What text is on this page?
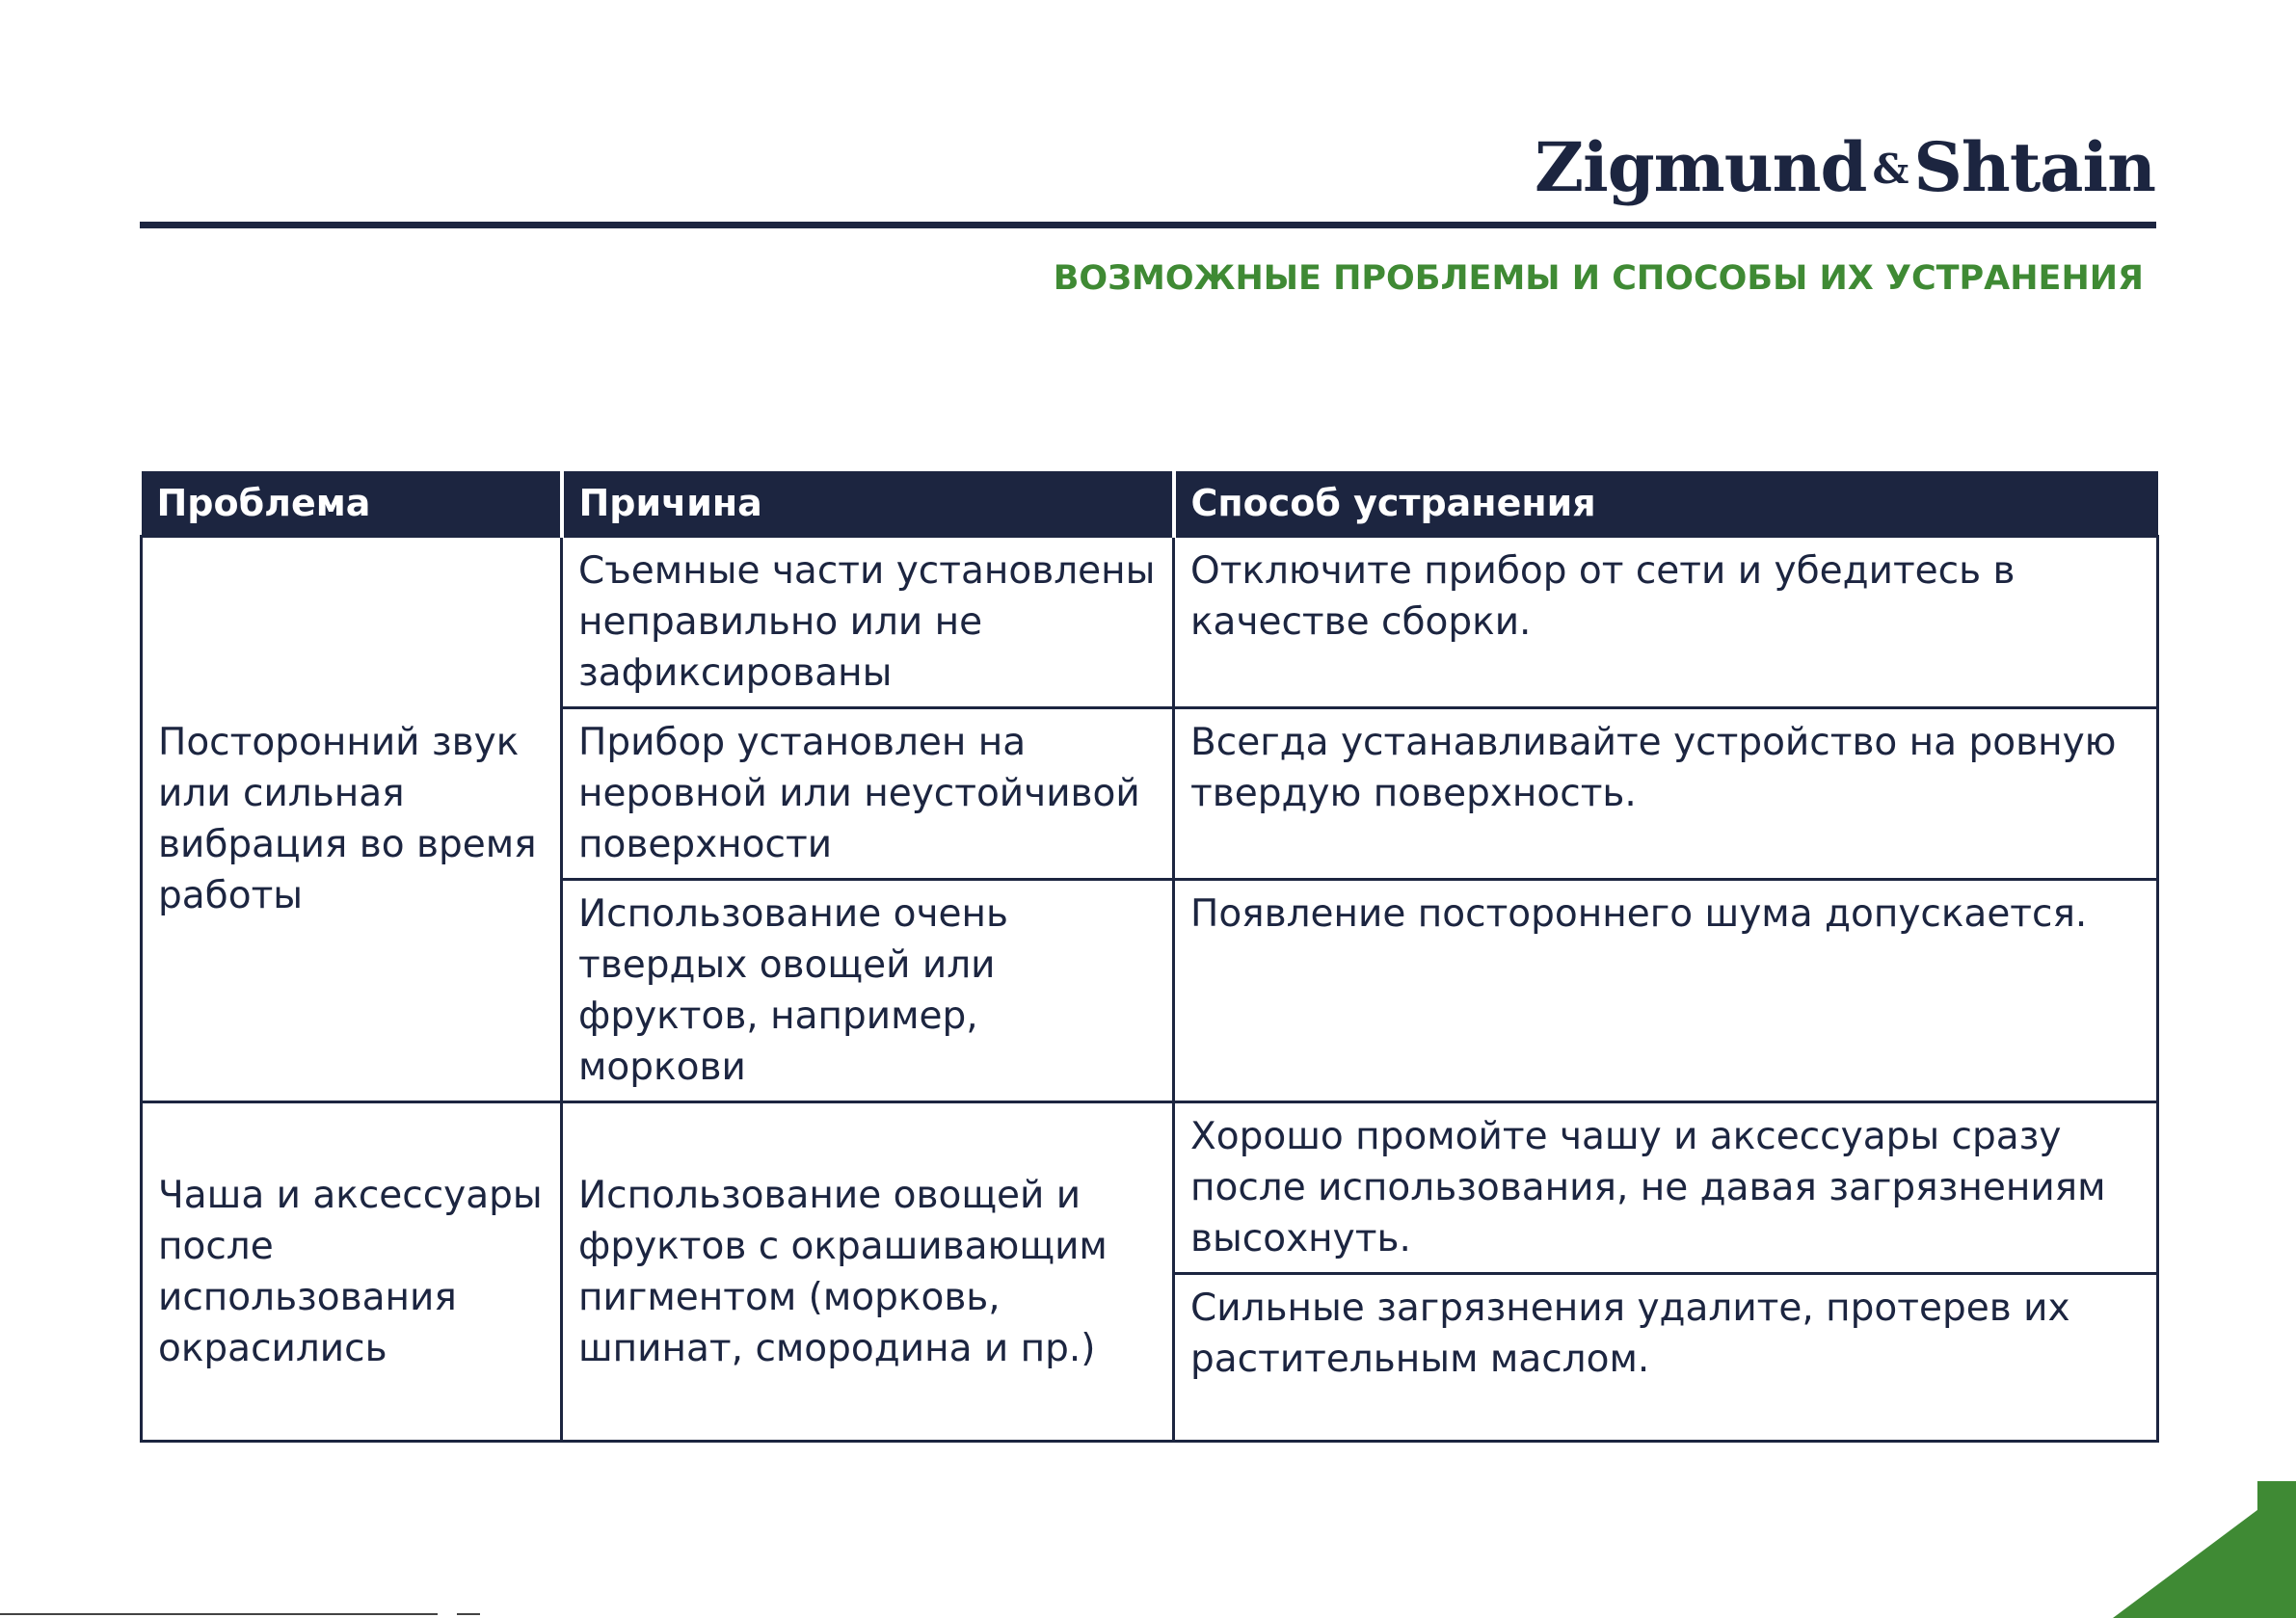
Zigmund &Shtain
ВОЗМОЖНЫЕ ПРОБЛЕМЫ И СПОСОБЫ ИХ УСТРАНЕНИЯ
Проблема	Причина	Способ устранения
Посторонний звук или сильная вибрация во время работы	Съемные части установлены неправильно или не зафиксированы	Отключите прибор от сети и убедитесь в качестве сборки.
	Прибор установлен на неровной или неустойчивой поверхности	Всегда устанавливайте устройство на ровную твердую поверхность.
	Использование очень твердых овощей или фруктов, например, моркови	Появление постороннего шума допускается.
Чаша и аксессуары после использования окрасились	Использование овощей и фруктов с окрашивающим пигментом (морковь, шпинат, смородина и пр.)	Хорошо промойте чашу и аксессуары сразу после использования, не давая загрязнениям высохнуть.
		Сильные загрязнения удалите, протерев их растительным маслом.
